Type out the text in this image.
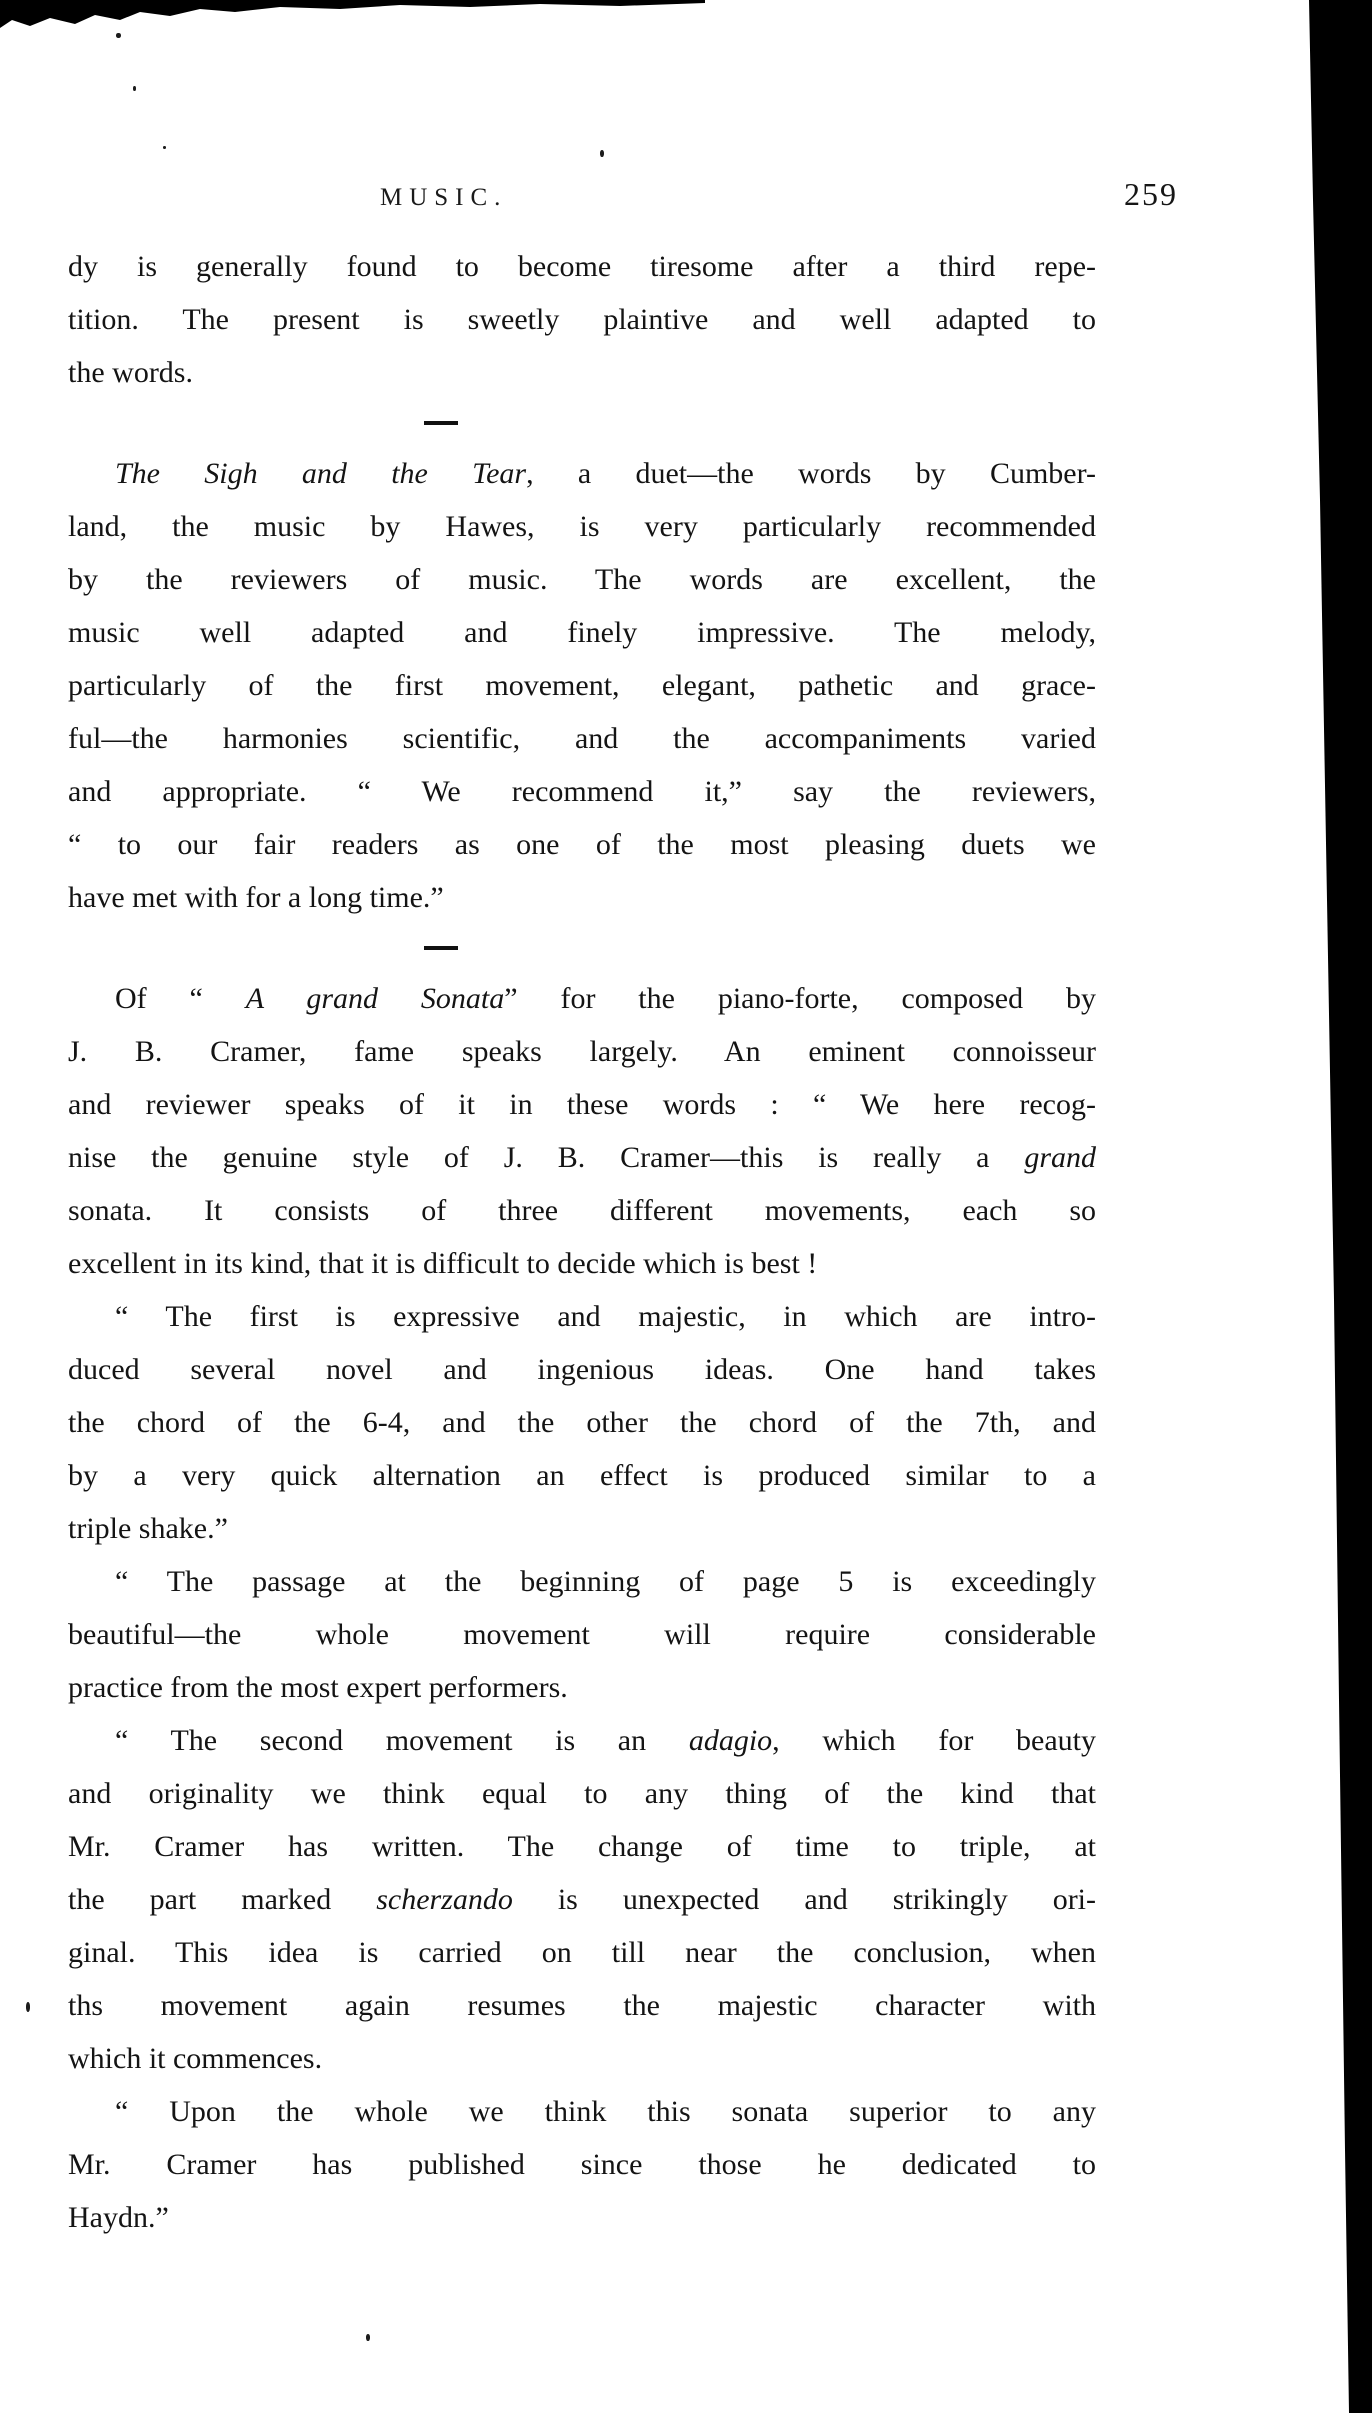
MUSIC.	259
dy is generally found to become tiresome after a third repe-
tition. The present is sweetly plaintive and well adapted to
the words.
The Sigh and the Tear, a duet—the words by Cumber-
land, the music by Hawes, is very particularly recommended
by the reviewers of music. The words are excellent, the
music well adapted and finely impressive. The melody,
particularly of the first movement, elegant, pathetic and grace-
ful—the harmonies scientific, and the accompaniments varied
and appropriate. “ We recommend it,” say the reviewers,
“ to our fair readers as one of the most pleasing duets we
have met with for a long time.”
Of “ A grand Sonata” for the piano-forte, composed by
J. B. Cramer, fame speaks largely. An eminent connoisseur
and reviewer speaks of it in these words : “ We here recog-
nise the genuine style of J. B. Cramer—this is really a grand
sonata. It consists of three different movements, each so
excellent in its kind, that it is difficult to decide which is best !
“ The first is expressive and majestic, in which are intro-
duced several novel and ingenious ideas. One hand takes
the chord of the 6-4, and the other the chord of the 7th, and
by a very quick alternation an effect is produced similar to a
triple shake.”
“ The passage at the beginning of page 5 is exceedingly
beautiful—the whole movement will require considerable
practice from the most expert performers.
“ The second movement is an adagio, which for beauty
and originality we think equal to any thing of the kind that
Mr. Cramer has written. The change of time to triple, at
the part marked scherzando is unexpected and strikingly ori-
ginal. This idea is carried on till near the conclusion, when
ths movement again resumes the majestic character with
which it commences.
“ Upon the whole we think this sonata superior to any
Mr. Cramer has published since those he dedicated to
Haydn.”
